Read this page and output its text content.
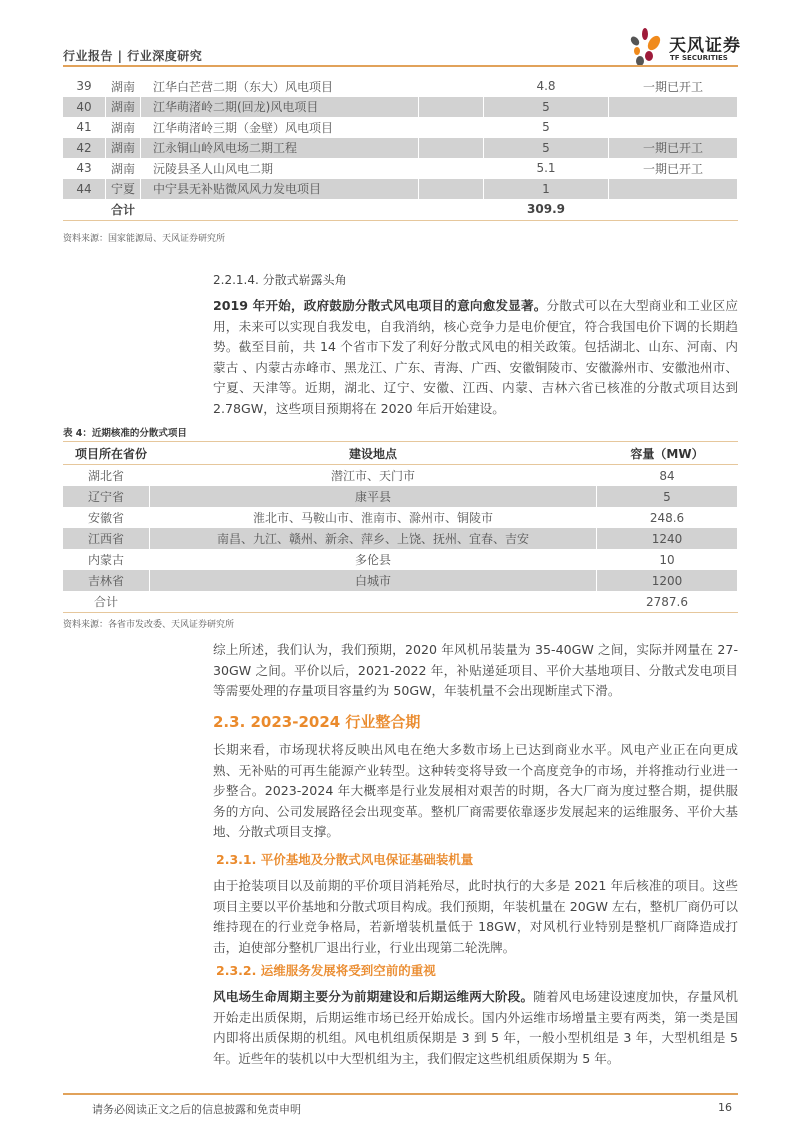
行业报告 | 行业深度研究	天风证券
TF SECURITIES
39	湖南	江华白芒营二期（东大）风电项目		4.8	一期已开工
40	湖南	江华萌渚岭二期(回龙)风电项目		5	
41	湖南	江华萌渚岭三期（金壁）风电项目		5	
42	湖南	江永铜山岭风电场二期工程		5	一期已开工
43	湖南	沅陵县圣人山风电二期		5.1	一期已开工
44	宁夏	中宁县无补贴微风风力发电项目		1	
	合计			309.9	
资料来源：国家能源局、天风证券研究所
2.2.1.4. 分散式崭露头角
2019 年开始，政府鼓励分散式风电项目的意向愈发显著。分散式可以在大型商业和工业区应用，未来可以实现自我发电，自我消纳，核心竞争力是电价便宜，符合我国电价下调的长期趋势。截至目前，共 14 个省市下发了利好分散式风电的相关政策。包括湖北、山东、河南、内蒙古 、内蒙古赤峰市、黑龙江、广东、青海、广西、安徽铜陵市、安徽滁州市、安徽池州市、宁夏、天津等。近期，湖北、辽宁、安徽、江西、内蒙、吉林六省已核准的分散式项目达到 2.78GW，这些项目预期将在 2020 年后开始建设。
表 4：近期核准的分散式项目
项目所在省份	建设地点	容量（MW）
湖北省	潜江市、天门市	84
辽宁省	康平县	5
安徽省	淮北市、马鞍山市、淮南市、滁州市、铜陵市	248.6
江西省	南昌、九江、赣州、新余、萍乡、上饶、抚州、宜春、吉安	1240
内蒙古	多伦县	10
吉林省	白城市	1200
合计		2787.6
资料来源：各省市发改委、天风证券研究所
综上所述，我们认为，我们预期，2020 年风机吊装量为 35-40GW 之间，实际并网量在 27-30GW 之间。平价以后，2021-2022 年，补贴递延项目、平价大基地项目、分散式发电项目等需要处理的存量项目容量约为 50GW，年装机量不会出现断崖式下滑。
2.3. 2023-2024 行业整合期
长期来看，市场现状将反映出风电在绝大多数市场上已达到商业水平。风电产业正在向更成熟、无补贴的可再生能源产业转型。这种转变将导致一个高度竞争的市场，并将推动行业进一步整合。2023-2024 年大概率是行业发展相对艰苦的时期，各大厂商为度过整合期，提供服务的方向、公司发展路径会出现变革。整机厂商需要依靠逐步发展起来的运维服务、平价大基地、分散式项目支撑。
2.3.1. 平价基地及分散式风电保证基础装机量
由于抢装项目以及前期的平价项目消耗殆尽，此时执行的大多是 2021 年后核准的项目。这些项目主要以平价基地和分散式项目构成。我们预期，年装机量在 20GW 左右，整机厂商仍可以维持现在的行业竞争格局，若新增装机量低于 18GW，对风机行业特别是整机厂商降造成打击，迫使部分整机厂退出行业，行业出现第二轮洗牌。
2.3.2. 运维服务发展将受到空前的重视
风电场生命周期主要分为前期建设和后期运维两大阶段。随着风电场建设速度加快，存量风机开始走出质保期，后期运维市场已经开始成长。国内外运维市场增量主要有两类，第一类是国内即将出质保期的机组。风电机组质保期是 3 到 5 年，一般小型机组是 3 年，大型机组是 5 年。近些年的装机以中大型机组为主，我们假定这些机组质保期为 5 年。
请务必阅读正文之后的信息披露和免责申明	16
